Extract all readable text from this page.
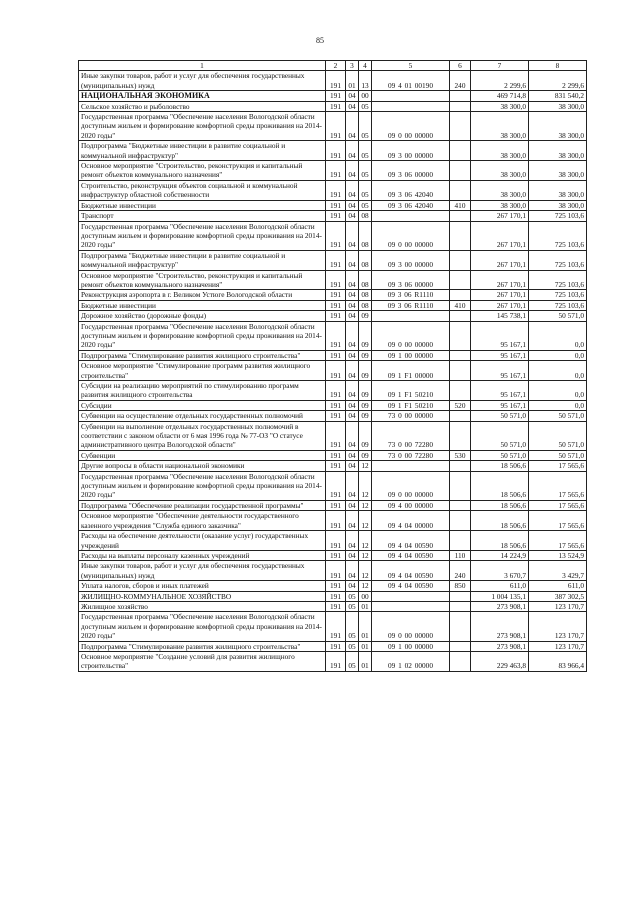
85
1	2	3	4	5	6	7	8
Иные закупки товаров, работ и услуг для обеспечения государственных (муниципальных) нужд	191	01	13	09 4 01 00190	240	2 299,6	2 299,6
НАЦИОНАЛЬНАЯ ЭКОНОМИКА	191	04	00			469 714,8	831 540,2
Сельское хозяйство и рыболовство	191	04	05			38 300,0	38 300,0
Государственная программа "Обеспечение населения Вологодской области доступным жильем и формирование комфортной среды проживания на 2014-2020 годы"	191	04	05	09 0 00 00000		38 300,0	38 300,0
Подпрограмма "Бюджетные инвестиции в развитие социальной и коммунальной инфраструктур"	191	04	05	09 3 00 00000		38 300,0	38 300,0
Основное мероприятие "Строительство, реконструкция и капитальный ремонт объектов коммунального назначения"	191	04	05	09 3 06 00000		38 300,0	38 300,0
Строительство, реконструкция объектов социальной и коммунальной инфраструктур областной собственности	191	04	05	09 3 06 42040		38 300,0	38 300,0
Бюджетные инвестиции	191	04	05	09 3 06 42040	410	38 300,0	38 300,0
Транспорт	191	04	08			267 170,1	725 103,6
Государственная программа "Обеспечение населения Вологодской области доступным жильем и формирование комфортной среды проживания на 2014-2020 годы"	191	04	08	09 0 00 00000		267 170,1	725 103,6
Подпрограмма "Бюджетные инвестиции в развитие социальной и коммунальной инфраструктур"	191	04	08	09 3 00 00000		267 170,1	725 103,6
Основное мероприятие "Строительство, реконструкция и капитальный ремонт объектов коммунального назначения"	191	04	08	09 3 06 00000		267 170,1	725 103,6
Реконструкция аэропорта в г. Великом Устюге Вологодской области	191	04	08	09 3 06 R1110		267 170,1	725 103,6
Бюджетные инвестиции	191	04	08	09 3 06 R1110	410	267 170,1	725 103,6
Дорожное хозяйство (дорожные фонды)	191	04	09			145 738,1	50 571,0
Государственная программа "Обеспечение населения Вологодской области доступным жильем и формирование комфортной среды проживания на 2014-2020 годы"	191	04	09	09 0 00 00000		95 167,1	0,0
Подпрограмма "Стимулирование развития жилищного строительства"	191	04	09	09 1 00 00000		95 167,1	0,0
Основное мероприятие "Стимулирование программ развития жилищного строительства"	191	04	09	09 1 F1 00000		95 167,1	0,0
Субсидии на реализацию мероприятий по стимулированию программ развития жилищного строительства	191	04	09	09 1 F1 50210		95 167,1	0,0
Субсидии	191	04	09	09 1 F1 50210	520	95 167,1	0,0
Субвенции на осуществление отдельных государственных полномочий	191	04	09	73 0 00 00000		50 571,0	50 571,0
Субвенции на выполнение отдельных государственных полномочий в соответствии с законом области от 6 мая 1996 года № 77-ОЗ "О статусе административного центра Вологодской области"	191	04	09	73 0 00 72280		50 571,0	50 571,0
Субвенции	191	04	09	73 0 00 72280	530	50 571,0	50 571,0
Другие вопросы в области национальной экономики	191	04	12			18 506,6	17 565,6
Государственная программа "Обеспечение населения Вологодской области доступным жильем и формирование комфортной среды проживания на 2014-2020 годы"	191	04	12	09 0 00 00000		18 506,6	17 565,6
Подпрограмма "Обеспечение реализации государственной программы"	191	04	12	09 4 00 00000		18 506,6	17 565,6
Основное мероприятие "Обеспечение деятельности государственного казенного учреждения "Служба единого заказчика"	191	04	12	09 4 04 00000		18 506,6	17 565,6
Расходы на обеспечение деятельности (оказание услуг) государственных учреждений	191	04	12	09 4 04 00590		18 506,6	17 565,6
Расходы на выплаты персоналу казенных учреждений	191	04	12	09 4 04 00590	110	14 224,9	13 524,9
Иные закупки товаров, работ и услуг для обеспечения государственных (муниципальных) нужд	191	04	12	09 4 04 00590	240	3 670,7	3 429,7
Уплата налогов, сборов и иных платежей	191	04	12	09 4 04 00590	850	611,0	611,0
ЖИЛИЩНО-КОММУНАЛЬНОЕ ХОЗЯЙСТВО	191	05	00			1 004 135,1	387 302,5
Жилищное хозяйство	191	05	01			273 908,1	123 170,7
Государственная программа "Обеспечение населения Вологодской области доступным жильем и формирование комфортной среды проживания на 2014-2020 годы"	191	05	01	09 0 00 00000		273 908,1	123 170,7
Подпрограмма "Стимулирование развития жилищного строительства"	191	05	01	09 1 00 00000		273 908,1	123 170,7
Основное мероприятие "Создание условий для развития жилищного строительства"	191	05	01	09 1 02 00000		229 463,8	83 966,4
